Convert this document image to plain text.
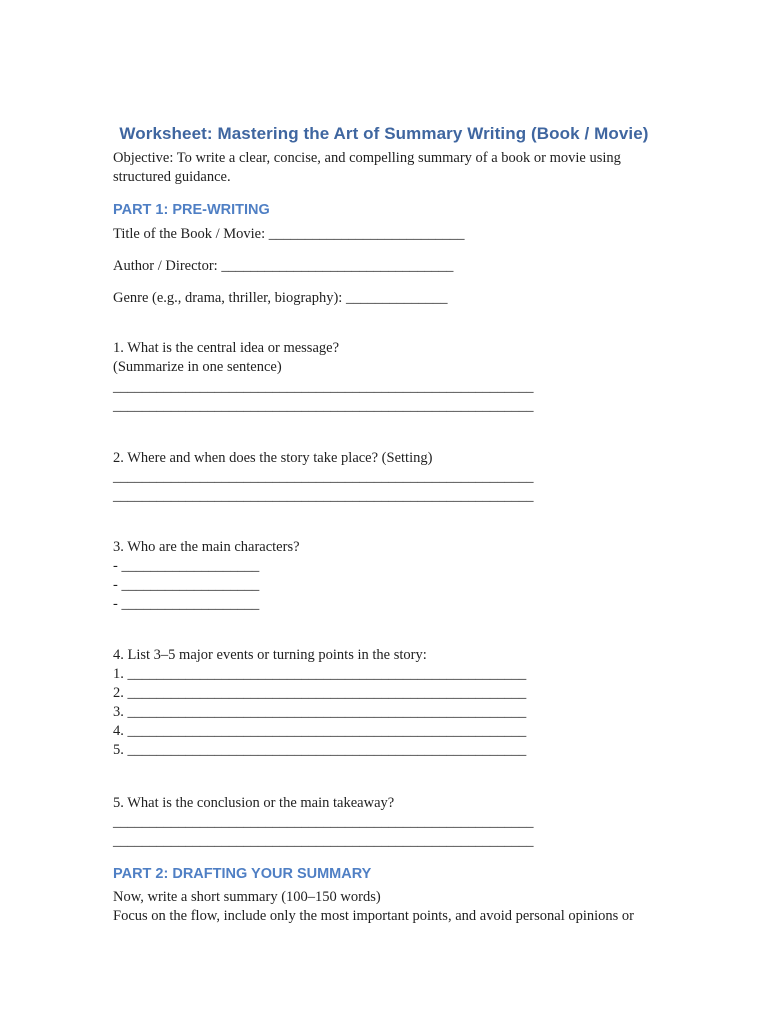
Worksheet: Mastering the Art of Summary Writing (Book / Movie)
Objective: To write a clear, concise, and compelling summary of a book or movie using
structured guidance.
PART 1: PRE-WRITING
Title of the Book / Movie: ___________________________
Author / Director: ________________________________
Genre (e.g., drama, thriller, biography): ______________
1. What is the central idea or message?
(Summarize in one sentence)
__________________________________________________________
__________________________________________________________
2. Where and when does the story take place? (Setting)
__________________________________________________________
__________________________________________________________
3. Who are the main characters?
- ___________________
- ___________________
- ___________________
4. List 3–5 major events or turning points in the story:
1. _______________________________________________________
2. _______________________________________________________
3. _______________________________________________________
4. _______________________________________________________
5. _______________________________________________________
5. What is the conclusion or the main takeaway?
__________________________________________________________
__________________________________________________________
PART 2: DRAFTING YOUR SUMMARY
Now, write a short summary (100–150 words)
Focus on the flow, include only the most important points, and avoid personal opinions or
